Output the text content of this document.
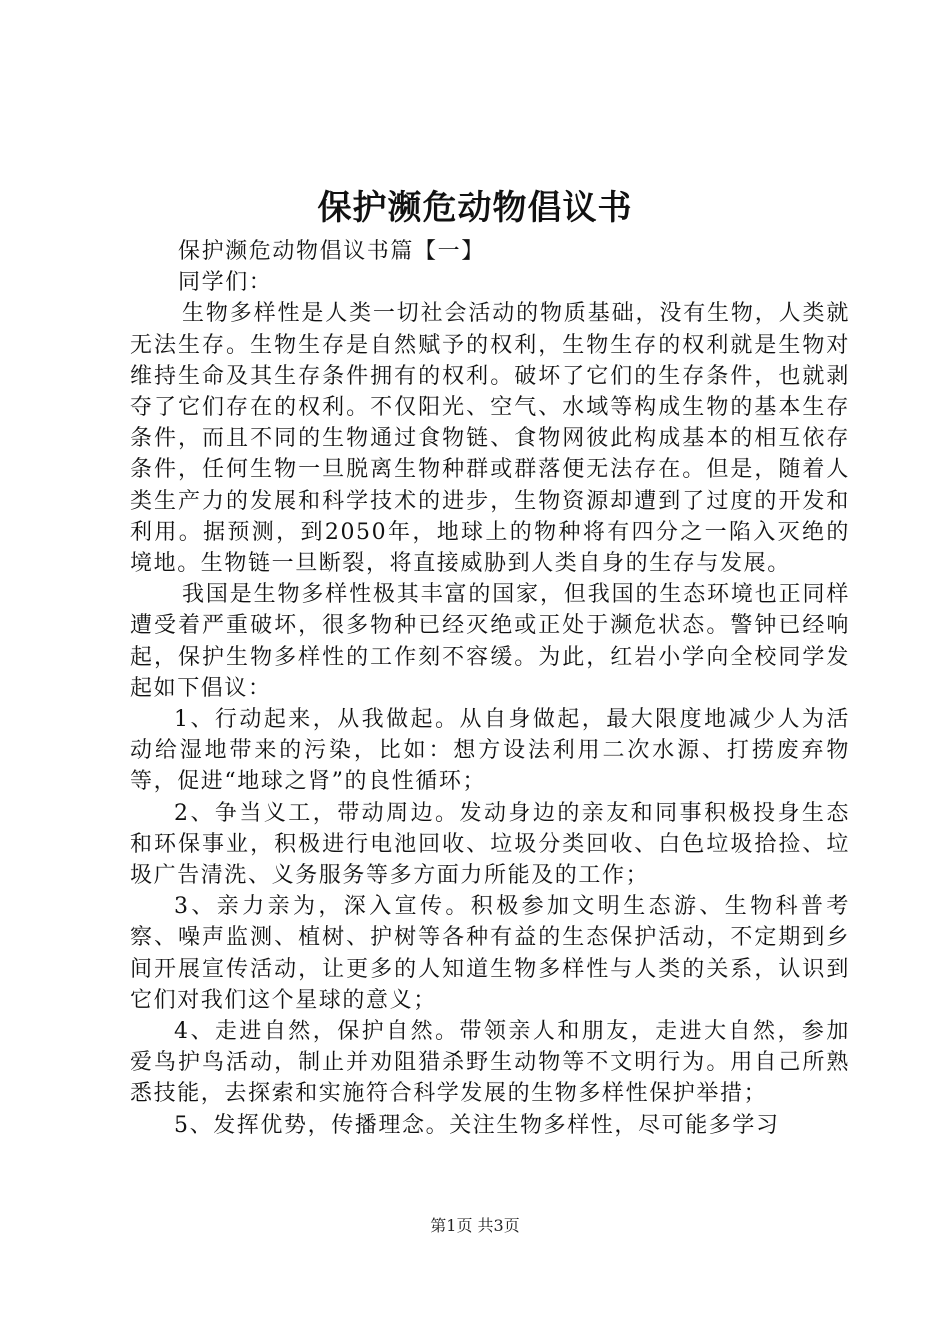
保护濒危动物倡议书

保护濒危动物倡议书篇【一】

同学们：

生物多样性是人类一切社会活动的物质基础，没有生物，人类就无法生存。生物生存是自然赋予的权利，生物生存的权利就是生物对维持生命及其生存条件拥有的权利。破坏了它们的生存条件，也就剥夺了它们存在的权利。不仅阳光、空气、水域等构成生物的基本生存条件，而且不同的生物通过食物链、食物网彼此构成基本的相互依存条件，任何生物一旦脱离生物种群或群落便无法存在。但是，随着人类生产力的发展和科学技术的进步，生物资源却遭到了过度的开发和利用。据预测，到2050年，地球上的物种将有四分之一陷入灭绝的境地。生物链一旦断裂，将直接威胁到人类自身的生存与发展。

我国是生物多样性极其丰富的国家，但我国的生态环境也正同样遭受着严重破坏，很多物种已经灭绝或正处于濒危状态。警钟已经响起，保护生物多样性的工作刻不容缓。为此，红岩小学向全校同学发起如下倡议：

1、行动起来，从我做起。从自身做起，最大限度地减少人为活动给湿地带来的污染，比如：想方设法利用二次水源、打捞废弃物等，促进“地球之肾”的良性循环；

2、争当义工，带动周边。发动身边的亲友和同事积极投身生态和环保事业，积极进行电池回收、垃圾分类回收、白色垃圾拾捡、垃圾广告清洗、义务服务等多方面力所能及的工作；

3、亲力亲为，深入宣传。积极参加文明生态游、生物科普考察、噪声监测、植树、护树等各种有益的生态保护活动，不定期到乡间开展宣传活动，让更多的人知道生物多样性与人类的关系，认识到它们对我们这个星球的意义；

4、走进自然，保护自然。带领亲人和朋友，走进大自然，参加爱鸟护鸟活动，制止并劝阻猎杀野生动物等不文明行为。用自己所熟悉技能，去探索和实施符合科学发展的生物多样性保护举措；

5、发挥优势，传播理念。关注生物多样性，尽可能多学习

第1页 共3页
